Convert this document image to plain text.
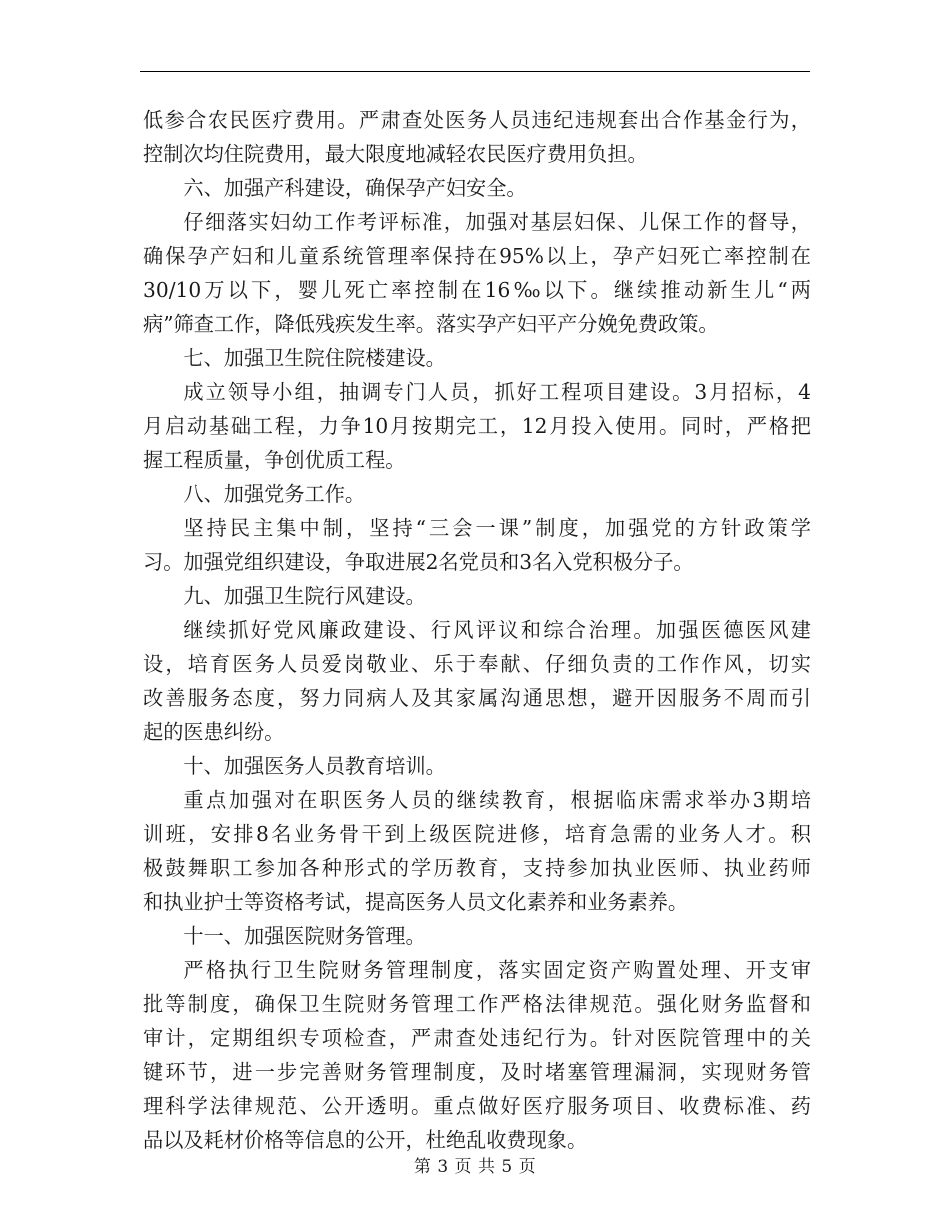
低参合农民医疗费用。严肃查处医务人员违纪违规套出合作基金行为，
控制次均住院费用，最大限度地减轻农民医疗费用负担。
六、加强产科建设，确保孕产妇安全。
仔细落实妇幼工作考评标准，加强对基层妇保、儿保工作的督导，
确保孕产妇和儿童系统管理率保持在95%以上，孕产妇死亡率控制在
30/10万以下，婴儿死亡率控制在16‰以下。继续推动新生儿“两
病”筛查工作，降低残疾发生率。落实孕产妇平产分娩免费政策。
七、加强卫生院住院楼建设。
成立领导小组，抽调专门人员，抓好工程项目建设。3月招标，4
月启动基础工程，力争10月按期完工，12月投入使用。同时，严格把
握工程质量，争创优质工程。
八、加强党务工作。
坚持民主集中制，坚持“三会一课”制度，加强党的方针政策学
习。加强党组织建设，争取进展2名党员和3名入党积极分子。
九、加强卫生院行风建设。
继续抓好党风廉政建设、行风评议和综合治理。加强医德医风建
设，培育医务人员爱岗敬业、乐于奉献、仔细负责的工作作风，切实
改善服务态度，努力同病人及其家属沟通思想，避开因服务不周而引
起的医患纠纷。
十、加强医务人员教育培训。
重点加强对在职医务人员的继续教育，根据临床需求举办3期培
训班，安排8名业务骨干到上级医院进修，培育急需的业务人才。积
极鼓舞职工参加各种形式的学历教育，支持参加执业医师、执业药师
和执业护士等资格考试，提高医务人员文化素养和业务素养。
十一、加强医院财务管理。
严格执行卫生院财务管理制度，落实固定资产购置处理、开支审
批等制度，确保卫生院财务管理工作严格法律规范。强化财务监督和
审计，定期组织专项检查，严肃查处违纪行为。针对医院管理中的关
键环节，进一步完善财务管理制度，及时堵塞管理漏洞，实现财务管
理科学法律规范、公开透明。重点做好医疗服务项目、收费标准、药
品以及耗材价格等信息的公开，杜绝乱收费现象。
第 3 页 共 5 页
